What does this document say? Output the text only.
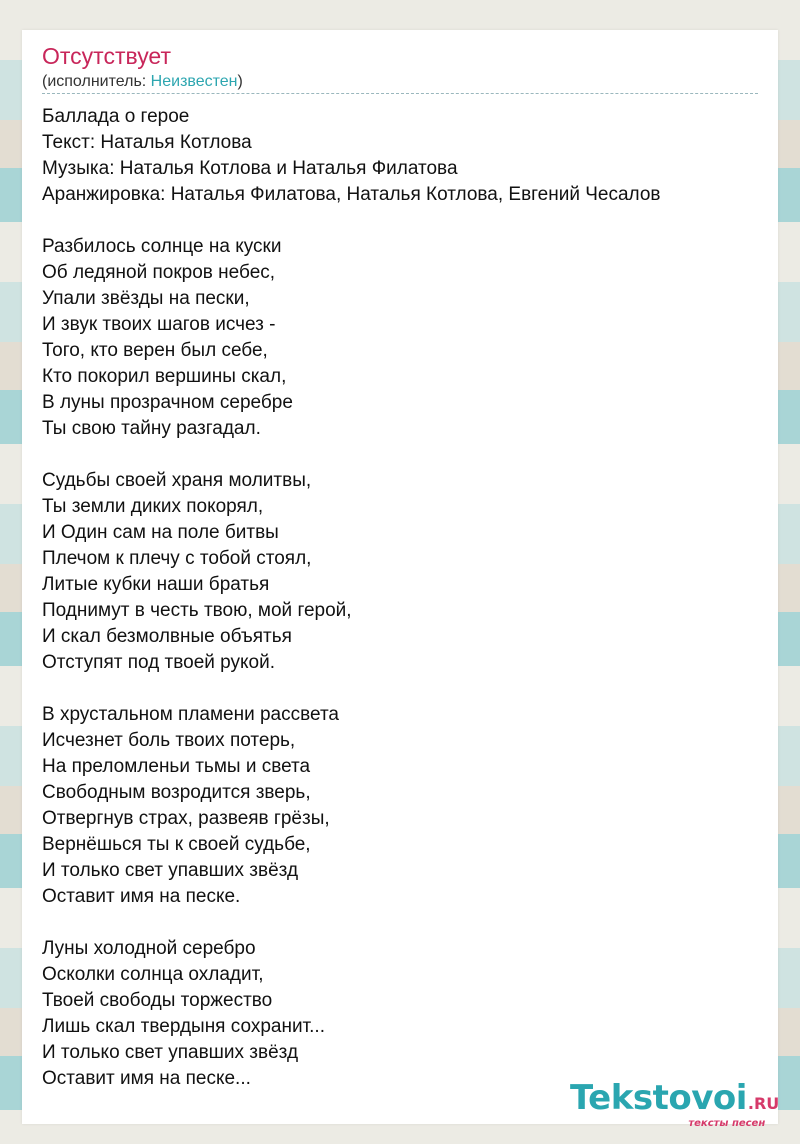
Отсутствует
(исполнитель: Неизвестен)
Баллада о герое
Текст: Наталья Котлова
Музыка: Наталья Котлова и Наталья Филатова
Аранжировка: Наталья Филатова, Наталья Котлова, Евгений Чесалов
Разбилось солнце на куски
Об ледяной покров небес,
Упали звёзды на пески,
И звук твоих шагов исчез -
Того, кто верен был себе,
Кто покорил вершины скал,
В луны прозрачном серебре
Ты свою тайну разгадал.
Судьбы своей храня молитвы,
Ты земли диких покорял,
И Один сам на поле битвы
Плечом к плечу с тобой стоял,
Литые кубки наши братья
Поднимут в честь твою, мой герой,
И скал безмолвные объятья
Отступят под твоей рукой.
В хрустальном пламени рассвета
Исчезнет боль твоих потерь,
На преломленьи тьмы и света
Свободным возродится зверь,
Отвергнув страх, развеяв грёзы,
Вернёшься ты к своей судьбе,
И только свет упавших звёзд
Оставит имя на песке.
Луны холодной серебро
Осколки солнца охладит,
Твоей свободы торжество
Лишь скал твердыня сохранит...
И только свет упавших звёзд
Оставит имя на песке...	Tekstovoi.RU
тексты песен
